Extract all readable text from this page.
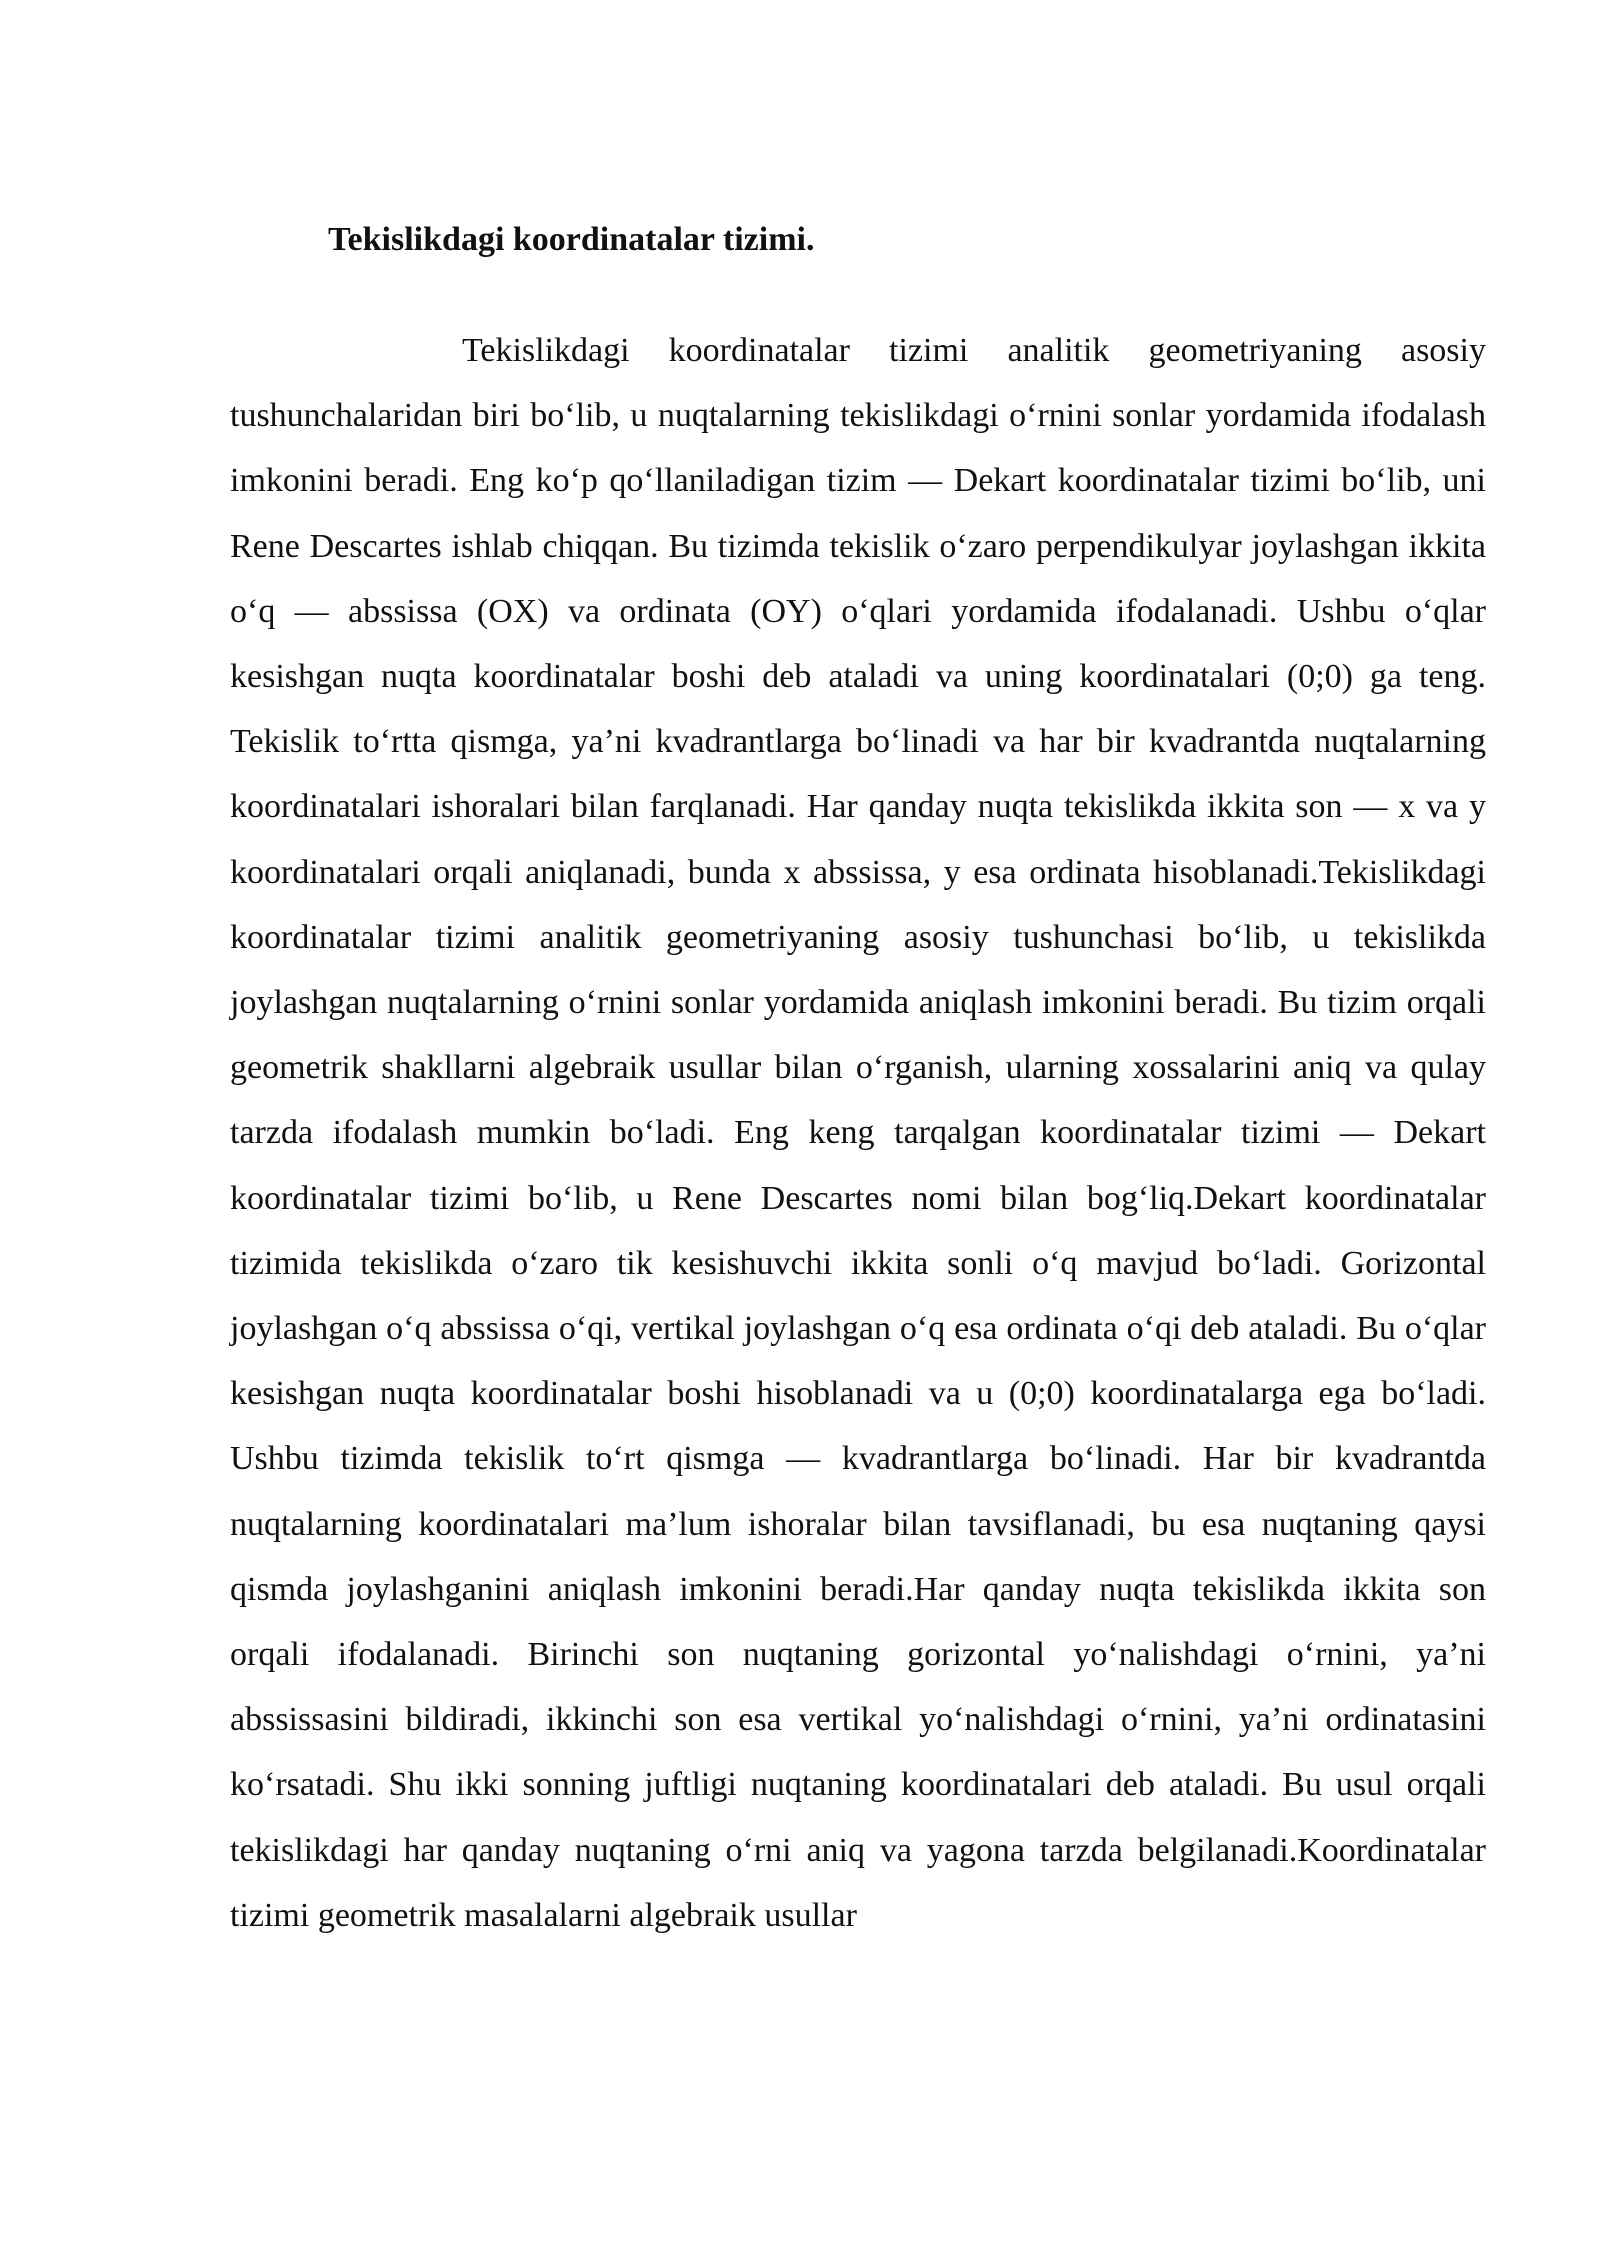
Tekislikdagi koordinatalar tizimi.

Tekislikdagi koordinatalar tizimi analitik geometriyaning asosiy tushunchalaridan biri bo‘lib, u nuqtalarning tekislikdagi o‘rnini sonlar yordamida ifodalash imkonini beradi. Eng ko‘p qo‘llaniladigan tizim — Dekart koordinatalar tizimi bo‘lib, uni Rene Descartes ishlab chiqqan. Bu tizimda tekislik o‘zaro perpendikulyar joylashgan ikkita o‘q — abssissa (OX) va ordinata (OY) o‘qlari yordamida ifodalanadi. Ushbu o‘qlar kesishgan nuqta koordinatalar boshi deb ataladi va uning koordinatalari (0;0) ga teng. Tekislik to‘rtta qismga, ya’ni kvadrantlarga bo‘linadi va har bir kvadrantda nuqtalarning koordinatalari ishoralari bilan farqlanadi. Har qanday nuqta tekislikda ikkita son — x va y koordinatalari orqali aniqlanadi, bunda x abssissa, y esa ordinata hisoblanadi.Tekislikdagi koordinatalar tizimi analitik geometriyaning asosiy tushunchasi bo‘lib, u tekislikda joylashgan nuqtalarning o‘rnini sonlar yordamida aniqlash imkonini beradi. Bu tizim orqali geometrik shakllarni algebraik usullar bilan o‘rganish, ularning xossalarini aniq va qulay tarzda ifodalash mumkin bo‘ladi. Eng keng tarqalgan koordinatalar tizimi — Dekart koordinatalar tizimi bo‘lib, u Rene Descartes nomi bilan bog‘liq.Dekart koordinatalar tizimida tekislikda o‘zaro tik kesishuvchi ikkita sonli o‘q mavjud bo‘ladi. Gorizontal joylashgan o‘q abssissa o‘qi, vertikal joylashgan o‘q esa ordinata o‘qi deb ataladi. Bu o‘qlar kesishgan nuqta koordinatalar boshi hisoblanadi va u (0;0) koordinatalarga ega bo‘ladi. Ushbu tizimda tekislik to‘rt qismga — kvadrantlarga bo‘linadi. Har bir kvadrantda nuqtalarning koordinatalari ma’lum ishoralar bilan tavsiflanadi, bu esa nuqtaning qaysi qismda joylashganini aniqlash imkonini beradi.Har qanday nuqta tekislikda ikkita son orqali ifodalanadi. Birinchi son nuqtaning gorizontal yo‘nalishdagi o‘rnini, ya’ni abssissasini bildiradi, ikkinchi son esa vertikal yo‘nalishdagi o‘rnini, ya’ni ordinatasini ko‘rsatadi. Shu ikki sonning juftligi nuqtaning koordinatalari deb ataladi. Bu usul orqali tekislikdagi har qanday nuqtaning o‘rni aniq va yagona tarzda belgilanadi.Koordinatalar tizimi geometrik masalalarni algebraik usullar
